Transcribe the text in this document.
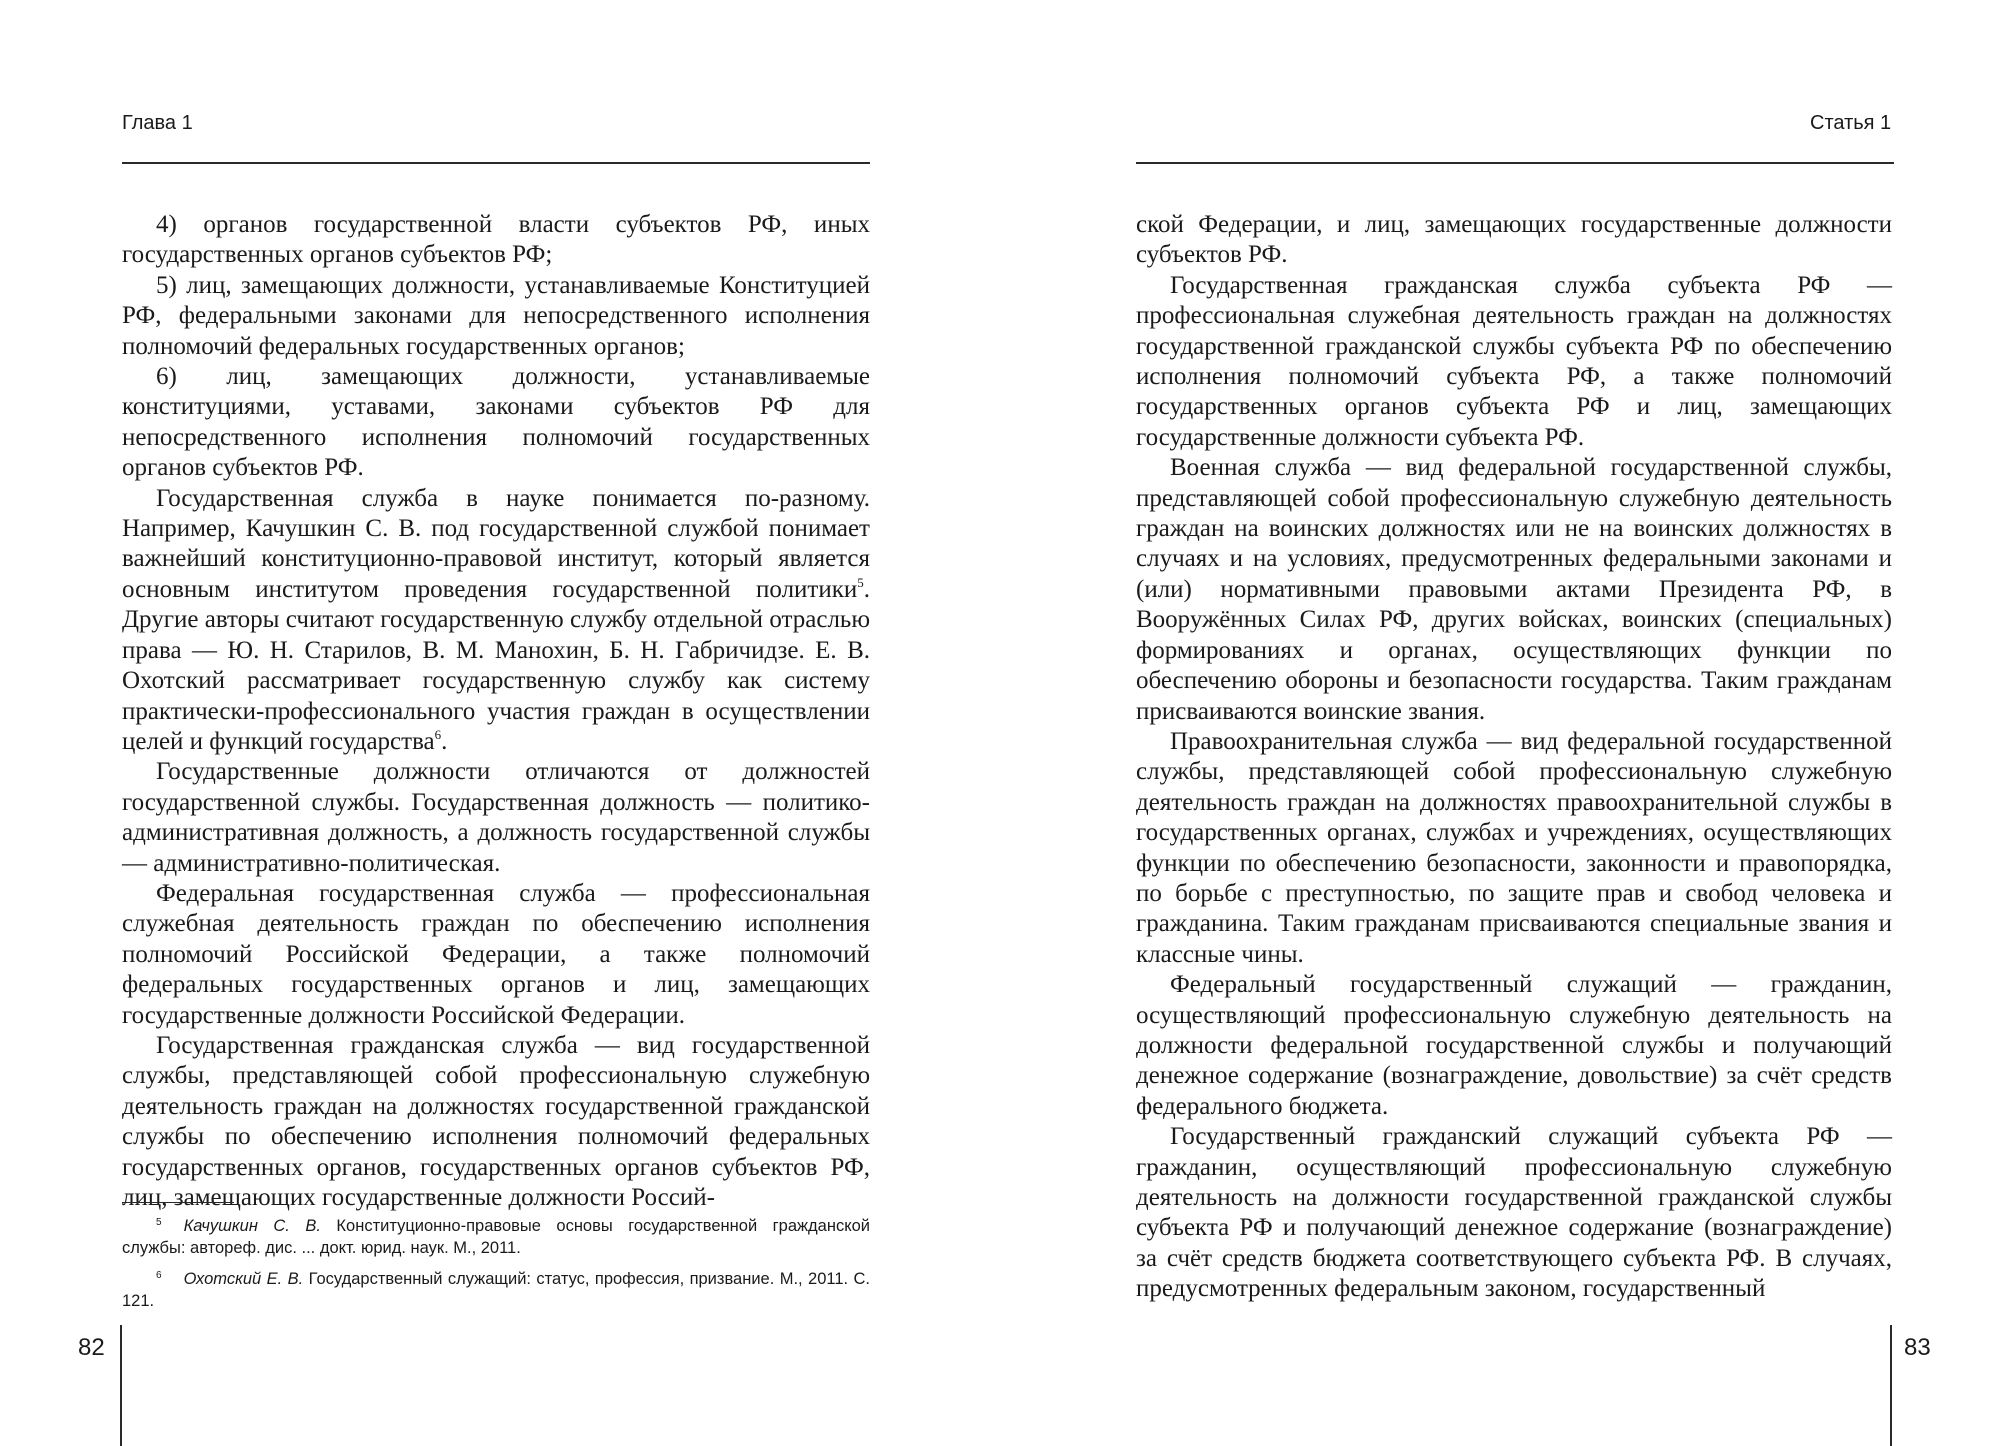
Глава 1

4) органов государственной власти субъектов РФ, иных государственных органов субъектов РФ;

5) лиц, замещающих должности, устанавливаемые Конституцией РФ, федеральными законами для непосредственного исполнения полномочий федеральных государственных органов;

6) лиц, замещающих должности, устанавливаемые конституциями, уставами, законами субъектов РФ для непосредственного исполнения полномочий государственных органов субъектов РФ.

Государственная служба в науке понимается по-разному. Например, Качушкин С. В. под государственной службой понимает важнейший конституционно-правовой институт, который является основным институтом проведения государственной политики$^5$. Другие авторы считают государственную службу отдельной отраслью права — Ю. Н. Старилов, В. М. Манохин, Б. Н. Габричидзе. Е. В. Охотский рассматривает государственную службу как систему практически-профессионального участия граждан в осуществлении целей и функций государства$^6$.

Государственные должности отличаются от должностей государственной службы. Государственная должность — политико-административная должность, а должность государственной службы — административно-политическая.

Федеральная государственная служба — профессиональная служебная деятельность граждан по обеспечению исполнения полномочий Российской Федерации, а также полномочий федеральных государственных органов и лиц, замещающих государственные должности Российской Федерации.

Государственная гражданская служба — вид государственной службы, представляющей собой профессиональную служебную деятельность граждан на должностях государственной гражданской службы по обеспечению исполнения полномочий федеральных государственных органов, государственных органов субъектов РФ, лиц, замещающих государственные должности Россий-

$^5$ Качушкин С. В. Конституционно-правовые основы государственной гражданской службы: автореф. дис. ... докт. юрид. наук. М., 2011.

$^6$ Охотский Е. В. Государственный служащий: статус, профессия, призвание. М., 2011. С. 121.

82
Статья 1

ской Федерации, и лиц, замещающих государственные должности субъектов РФ.

Государственная гражданская служба субъекта РФ — профессиональная служебная деятельность граждан на должностях государственной гражданской службы субъекта РФ по обеспечению исполнения полномочий субъекта РФ, а также полномочий государственных органов субъекта РФ и лиц, замещающих государственные должности субъекта РФ.

Военная служба — вид федеральной государственной службы, представляющей собой профессиональную служебную деятельность граждан на воинских должностях или не на воинских должностях в случаях и на условиях, предусмотренных федеральными законами и (или) нормативными правовыми актами Президента РФ, в Вооружённых Силах РФ, других войсках, воинских (специальных) формированиях и органах, осуществляющих функции по обеспечению обороны и безопасности государства. Таким гражданам присваиваются воинские звания.

Правоохранительная служба — вид федеральной государственной службы, представляющей собой профессиональную служебную деятельность граждан на должностях правоохранительной службы в государственных органах, службах и учреждениях, осуществляющих функции по обеспечению безопасности, законности и правопорядка, по борьбе с преступностью, по защите прав и свобод человека и гражданина. Таким гражданам присваиваются специальные звания и классные чины.

Федеральный государственный служащий — гражданин, осуществляющий профессиональную служебную деятельность на должности федеральной государственной службы и получающий денежное содержание (вознаграждение, довольствие) за счёт средств федерального бюджета.

Государственный гражданский служащий субъекта РФ — гражданин, осуществляющий профессиональную служебную деятельность на должности государственной гражданской службы субъекта РФ и получающий денежное содержание (вознаграждение) за счёт средств бюджета соответствующего субъекта РФ. В случаях, предусмотренных федеральным законом, государственный

83
